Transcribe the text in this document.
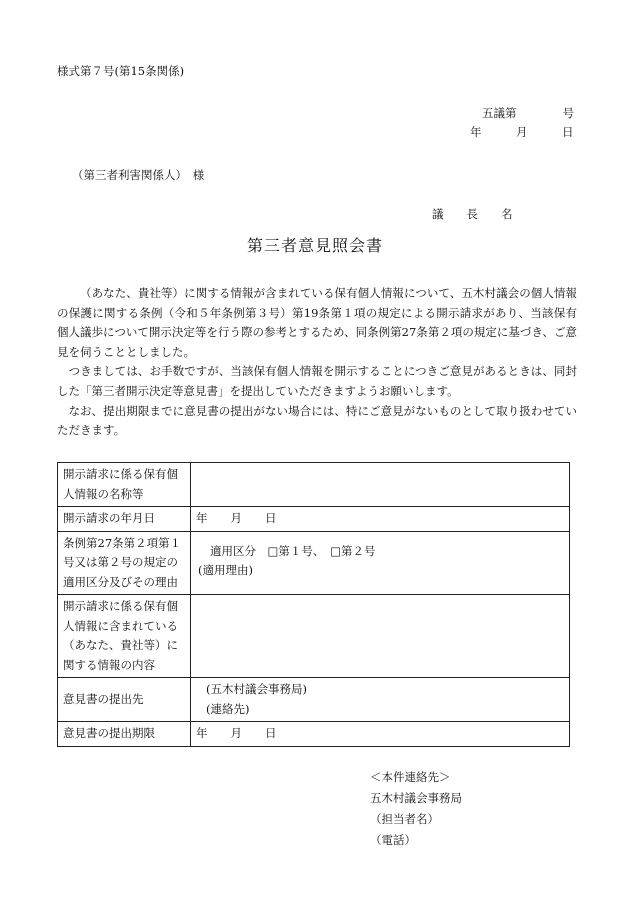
様式第７号(第15条関係)
五議第　　　　号
年　　　月　　　日
（第三者利害関係人）　様
議　　長　　名
第三者意見照会書

（あなた、貴社等）に関する情報が含まれている保有個人情報について、五木村議会の個人情報の保護に関する条例（令和５年条例第３号）第19条第１項の規定による開示請求があり、当該保有個人議歩について開示決定等を行う際の参考とするため、同条例第27条第２項の規定に基づき、ご意見を伺うこととしました。

つきましては、お手数ですが、当該保有個人情報を開示することにつきご意見があるときは、同封した「第三者開示決定等意見書」を提出していただきますようお願いします。

なお、提出期限までに意見書の提出がない場合には、特にご意見がないものとして取り扱わせていただきます。

開示請求に係る保有個人情報の名称等	
開示請求の年月日	年　　月　　日
条例第27条第２項第１号又は第２号の規定の適用区分及びその理由	適用区分　□第１号、　□第２号
(適用理由)

開示請求に係る保有個人情報に含まれている（あなた、貴社等）に関する情報の内容	
意見書の提出先	(五木村議会事務局)
(連絡先)

意見書の提出期限	年　　月　　日
＜本件連絡先＞
五木村議会事務局
（担当者名）
（電話）
